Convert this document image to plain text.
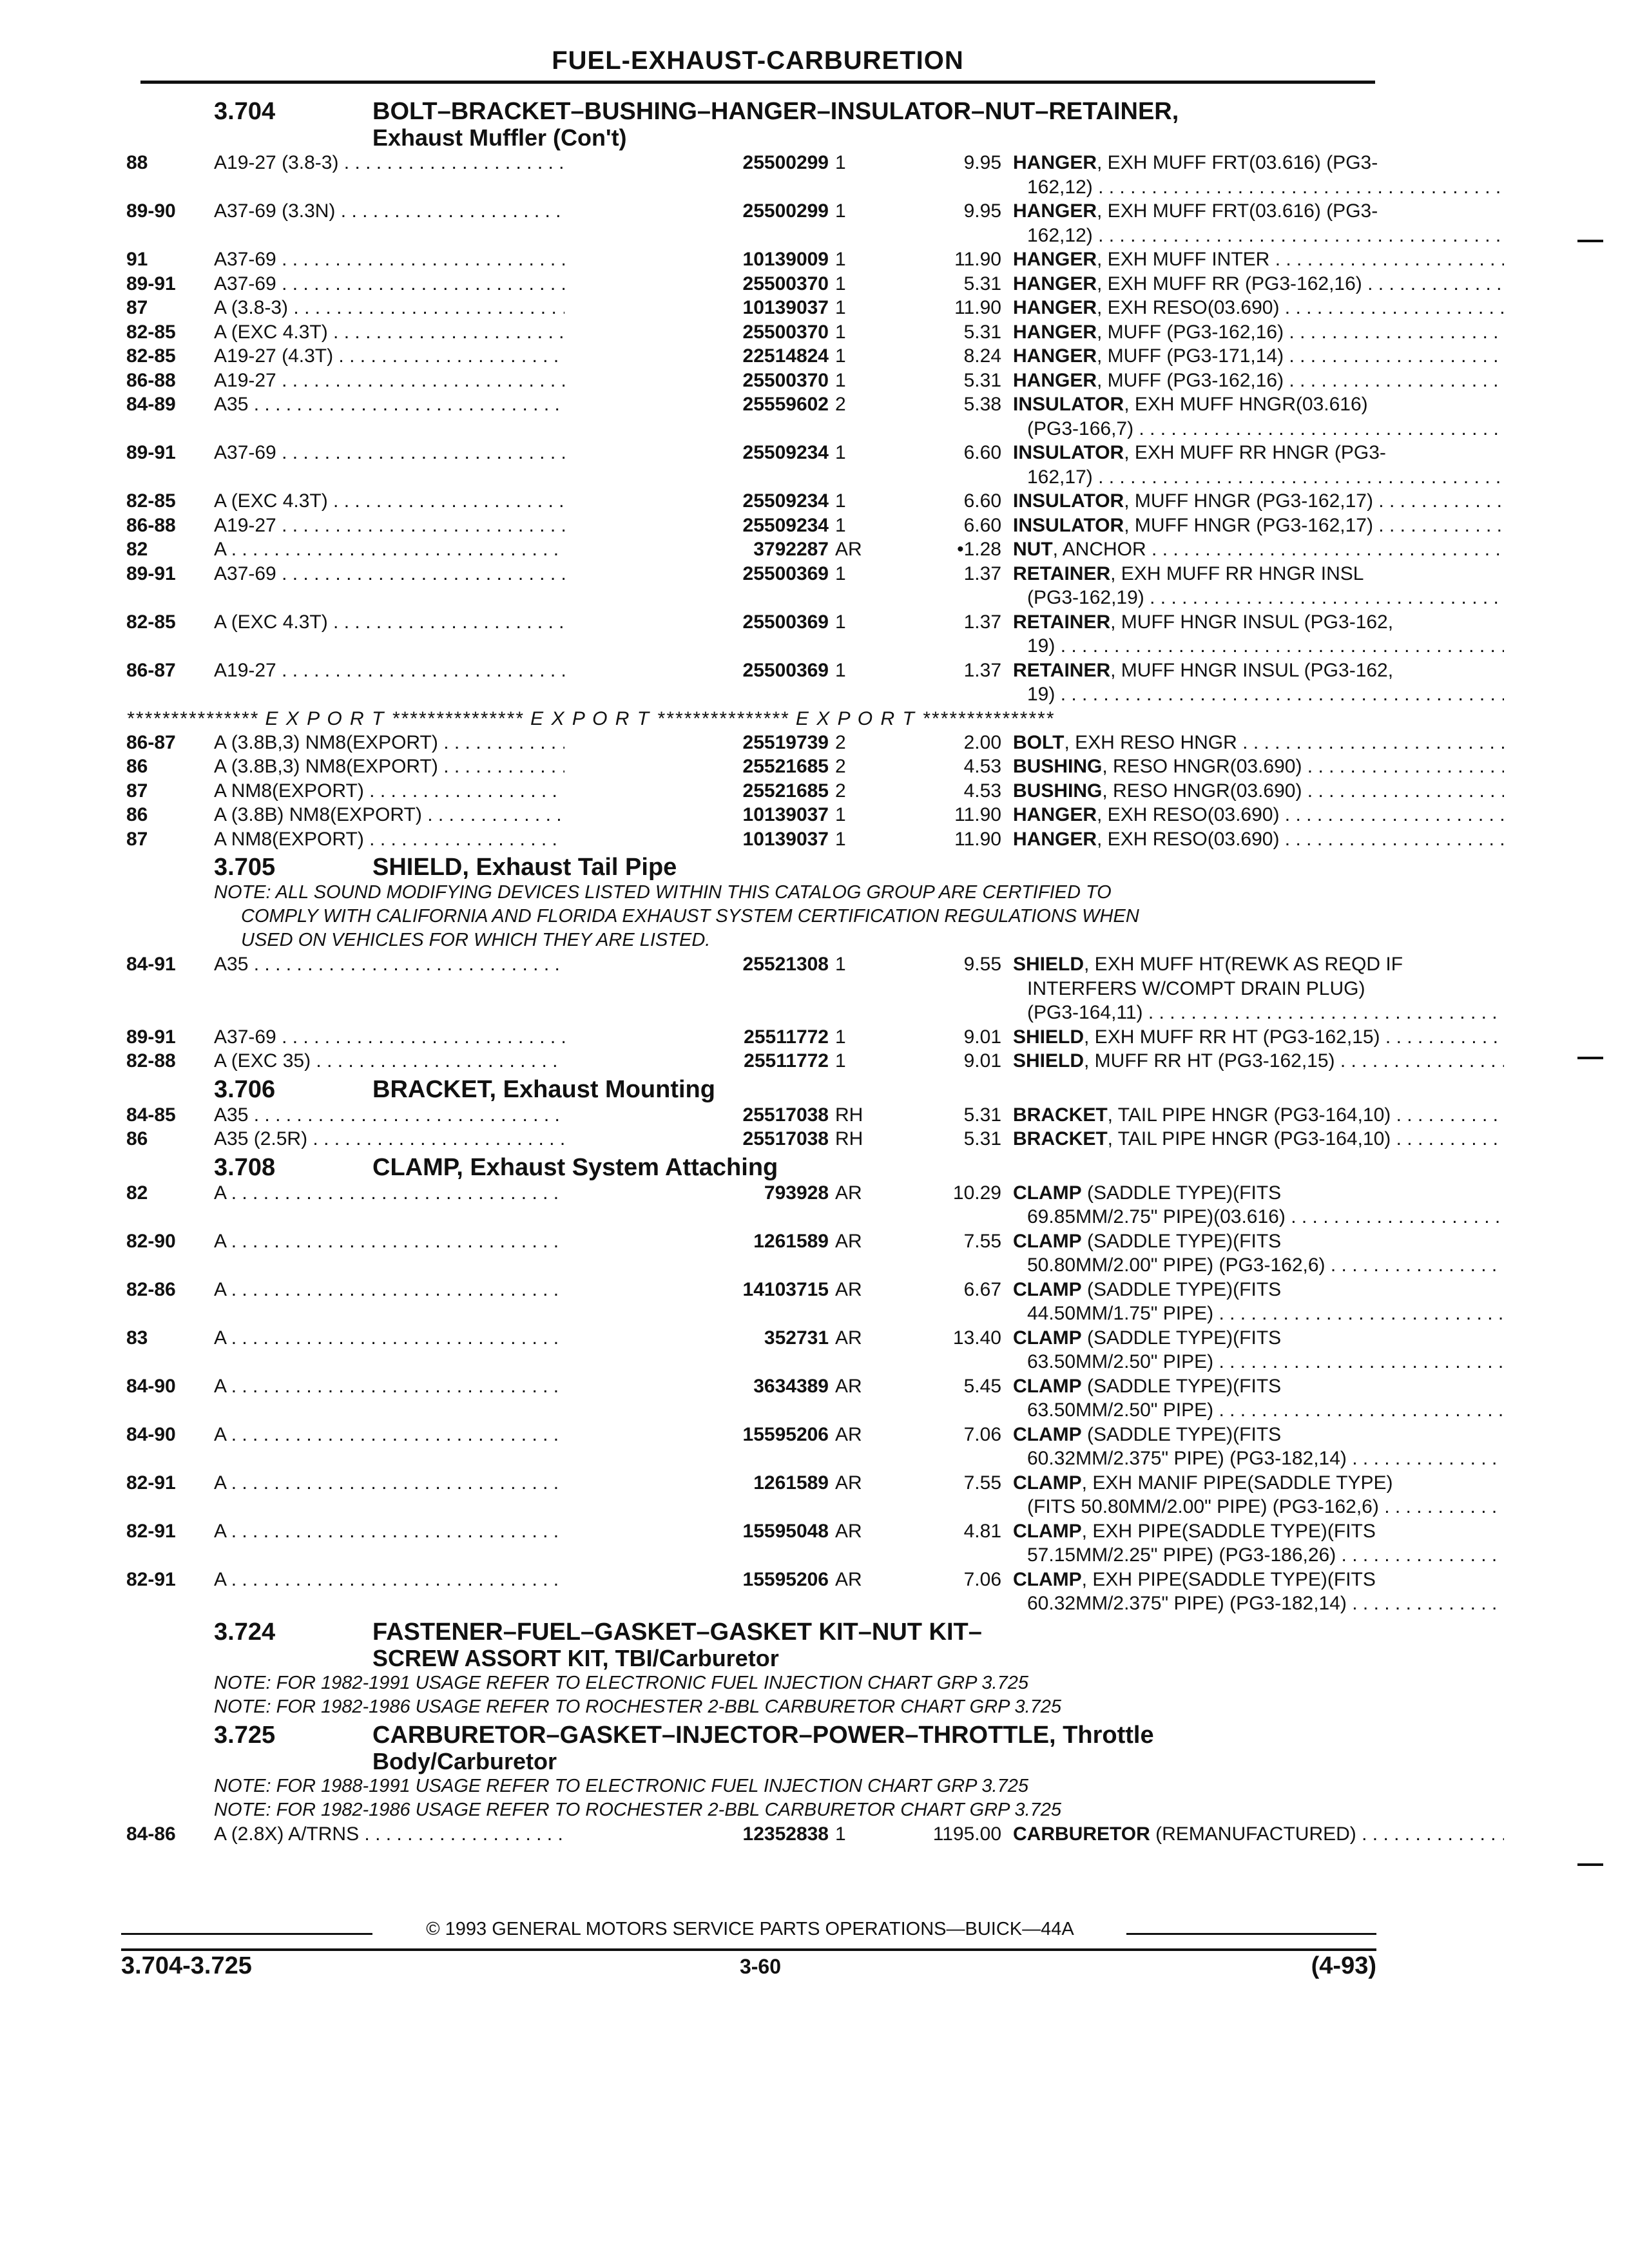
FUEL-EXHAUST-CARBURETION
3.704	BOLT–BRACKET–BUSHING–HANGER–INSULATOR–NUT–RETAINER,
Exhaust Muffler (Con't)
88	A19-27 (3.8-3) . . .	25500299 1	9.95 HANGER, EXH MUFF FRT(03.616) (PG3-
162,12) . . .
89-90 A37-69 (3.3N) . . .	25500299 1	9.95 HANGER, EXH MUFF FRT(03.616) (PG3-
162,12) . . .
91	A37-69 . . .	10139009 1	11.90 HANGER, EXH MUFF INTER . . .
89-91 A37-69 . . .	25500370 1	5.31 HANGER, EXH MUFF RR (PG3-162,16) . . .
87	A (3.8-3) . . .	10139037 1	11.90 HANGER, EXH RESO(03.690) . . .
82-85 A (EXC 4.3T) . . .	25500370 1	5.31 HANGER, MUFF (PG3-162,16) . . .
82-85 A19-27 (4.3T) . . .	22514824 1	8.24 HANGER, MUFF (PG3-171,14) . . .
86-88 A19-27 . . .	25500370 1	5.31 HANGER, MUFF (PG3-162,16) . . .
84-89 A35 . . .	25559602 2	5.38 INSULATOR, EXH MUFF HNGR(03.616)
(PG3-166,7) . . .
89-91 A37-69 . . .	25509234 1	6.60 INSULATOR, EXH MUFF RR HNGR (PG3-
162,17) . . .
82-85 A (EXC 4.3T) . . .	25509234 1	6.60 INSULATOR, MUFF HNGR (PG3-162,17) . . .
86-88 A19-27 . . .	25509234 1	6.60 INSULATOR, MUFF HNGR (PG3-162,17) . . .
82	A . . .	3792287 AR	•1.28 NUT, ANCHOR . . .
89-91 A37-69 . . .	25500369 1	1.37 RETAINER, EXH MUFF RR HNGR INSL
(PG3-162,19) . . .
82-85 A (EXC 4.3T) . . .	25500369 1	1.37 RETAINER, MUFF HNGR INSUL (PG3-162,
19) . . .
86-87 A19-27 . . .	25500369 1	1.37 RETAINER, MUFF HNGR INSUL (PG3-162,
19) . . .
*************** E X P O R T *************** E X P O R T *************** E X P O R T ***************
86-87 A (3.8B,3) NM8(EXPORT) . . .	25519739 2	2.00 BOLT, EXH RESO HNGR . . .
86	A (3.8B,3) NM8(EXPORT) . . .	25521685 2	4.53 BUSHING, RESO HNGR(03.690) . . .
87	A NM8(EXPORT) . . .	25521685 2	4.53 BUSHING, RESO HNGR(03.690) . . .
86	A (3.8B) NM8(EXPORT) . . .	10139037 1	11.90 HANGER, EXH RESO(03.690) . . .
87	A NM8(EXPORT) . . .	10139037 1	11.90 HANGER, EXH RESO(03.690) . . .
3.705	SHIELD, Exhaust Tail Pipe
NOTE: ALL SOUND MODIFYING DEVICES LISTED WITHIN THIS CATALOG GROUP ARE CERTIFIED TO
COMPLY WITH CALIFORNIA AND FLORIDA EXHAUST SYSTEM CERTIFICATION REGULATIONS WHEN
USED ON VEHICLES FOR WHICH THEY ARE LISTED.
84-91 A35 . . .	25521308 1	9.55 SHIELD, EXH MUFF HT(REWK AS REQD IF
INTERFERS W/COMPT DRAIN PLUG)
(PG3-164,11) . . .
89-91 A37-69 . . .	25511772 1	9.01 SHIELD, EXH MUFF RR HT (PG3-162,15) . . .
82-88 A (EXC 35) . . .	25511772 1	9.01 SHIELD, MUFF RR HT (PG3-162,15) . . .
3.706	BRACKET, Exhaust Mounting
84-85 A35 . . .	25517038 RH	5.31 BRACKET, TAIL PIPE HNGR (PG3-164,10) . . .
86	A35 (2.5R) . . .	25517038 RH	5.31 BRACKET, TAIL PIPE HNGR (PG3-164,10) . . .
3.708	CLAMP, Exhaust System Attaching
82	A . . .	793928 AR	10.29 CLAMP (SADDLE TYPE)(FITS
69.85MM/2.75" PIPE)(03.616) . . .
82-90 A . . .	1261589 AR	7.55 CLAMP (SADDLE TYPE)(FITS
50.80MM/2.00" PIPE) (PG3-162,6) . . .
82-86 A . . .	14103715 AR	6.67 CLAMP (SADDLE TYPE)(FITS
44.50MM/1.75" PIPE) . . .
83	A . . .	352731 AR	13.40 CLAMP (SADDLE TYPE)(FITS
63.50MM/2.50" PIPE) . . .
84-90 A . . .	3634389 AR	5.45 CLAMP (SADDLE TYPE)(FITS
63.50MM/2.50" PIPE) . . .
84-90 A . . .	15595206 AR	7.06 CLAMP (SADDLE TYPE)(FITS
60.32MM/2.375" PIPE) (PG3-182,14) . . .
82-91 A . . .	1261589 AR	7.55 CLAMP, EXH MANIF PIPE(SADDLE TYPE)
(FITS 50.80MM/2.00" PIPE) (PG3-162,6) . . .
82-91 A . . .	15595048 AR	4.81 CLAMP, EXH PIPE(SADDLE TYPE)(FITS
57.15MM/2.25" PIPE) (PG3-186,26) . . .
82-91 A . . .	15595206 AR	7.06 CLAMP, EXH PIPE(SADDLE TYPE)(FITS
60.32MM/2.375" PIPE) (PG3-182,14) . . .
3.724	FASTENER–FUEL–GASKET–GASKET KIT–NUT KIT–
SCREW ASSORT KIT, TBI/Carburetor
NOTE: FOR 1982-1991 USAGE REFER TO ELECTRONIC FUEL INJECTION CHART GRP 3.725
NOTE: FOR 1982-1986 USAGE REFER TO ROCHESTER 2-BBL CARBURETOR CHART GRP 3.725
3.725	CARBURETOR–GASKET–INJECTOR–POWER–THROTTLE, Throttle
Body/Carburetor
NOTE: FOR 1988-1991 USAGE REFER TO ELECTRONIC FUEL INJECTION CHART GRP 3.725
NOTE: FOR 1982-1986 USAGE REFER TO ROCHESTER 2-BBL CARBURETOR CHART GRP 3.725
84-86 A (2.8X) A/TRNS . . .	12352838 1	1195.00 CARBURETOR (REMANUFACTURED) . . .
© 1993 GENERAL MOTORS SERVICE PARTS OPERATIONS—BUICK—44A
3.704-3.725	3-60	(4-93)
